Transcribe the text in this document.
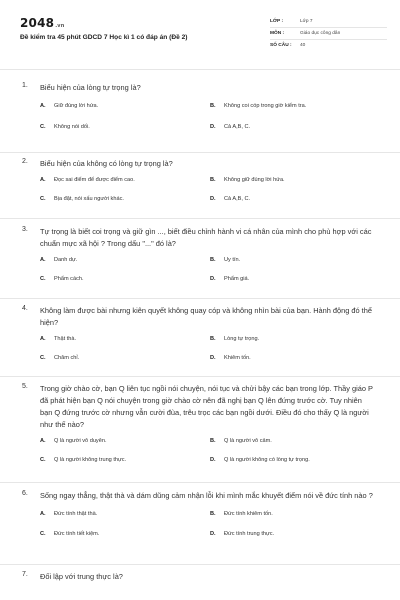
2048.vn
Đề kiểm tra 45 phút GDCD 7 Học kì 1 có đáp án (Đề 2)
LỚP :	Lớp 7
MÔN :	Giáo dục công dân
SỐ CÂU :	40
1.	Biểu hiện của lòng tự trọng là?
A.	Giữ đúng lời hứa.	B.	Không coi cóp trong giờ kiểm tra.
C.	Không nói dối.	D.	Cả A,B, C.
2.	Biểu hiện của không có lòng tự trọng là?
A.	Đọc sai điểm để được điểm cao.	B.	Không giữ đúng lời hứa.
C.	Bịa đặt, nói xấu người khác.	D.	Cả A,B, C.
3.	Tự trọng là biết coi trọng và giữ gìn ..., biết điều chỉnh hành vi cá nhân của mình cho phù hợp với các chuẩn mực xã hội ? Trong dấu "..." đó là?
A.	Danh dự.	B.	Uy tín.
C.	Phẩm cách.	D.	Phẩm giá.
4.	Không làm được bài nhưng kiên quyết không quay cóp và không nhìn bài của bạn. Hành động đó thể hiện?
A.	Thật thà.	B.	Lòng tự trọng.
C.	Chăm chỉ.	D.	Khiêm tốn.
5.	Trong giờ chào cờ, bạn Q liên tục ngồi nói chuyện, nói tục và chửi bậy các bạn trong lớp. Thầy giáo P đã phát hiện bạn Q nói chuyện trong giờ chào cờ nên đã nghị bạn Q lên đứng trước cờ. Tuy nhiên bạn Q đứng trước cờ nhưng vẫn cười đùa, trêu trọc các bạn ngồi dưới. Điều đó cho thấy Q là người như thế nào?
A.	Q là người vô duyên.	B.	Q là người vô cảm.
C.	Q là người không trung thực.	D.	Q là người không có lòng tự trọng.
6.	Sống ngay thẳng, thật thà và dám dũng cảm nhận lỗi khi mình mắc khuyết điểm nói về đức tính nào ?
A.	Đức tính thật thà.	B.	Đức tính khiêm tốn.
C.	Đức tính tiết kiệm.	D.	Đức tính trung thực.
7.	Đối lập với trung thực là?
